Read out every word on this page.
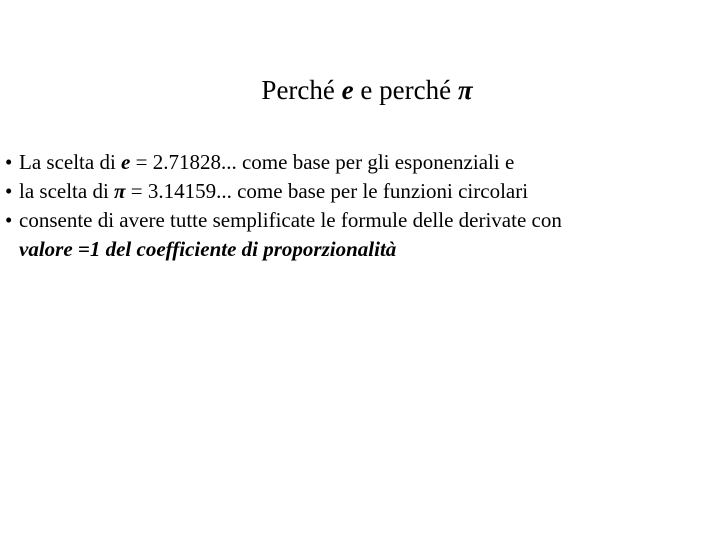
Perché e e perché π
• La scelta di e = 2.71828... come base per gli esponenziali e
• la scelta di π = 3.14159... come base per le funzioni circolari
• consente di avere tutte semplificate le formule delle derivate con
valore =1 del coefficiente di proporzionalità
